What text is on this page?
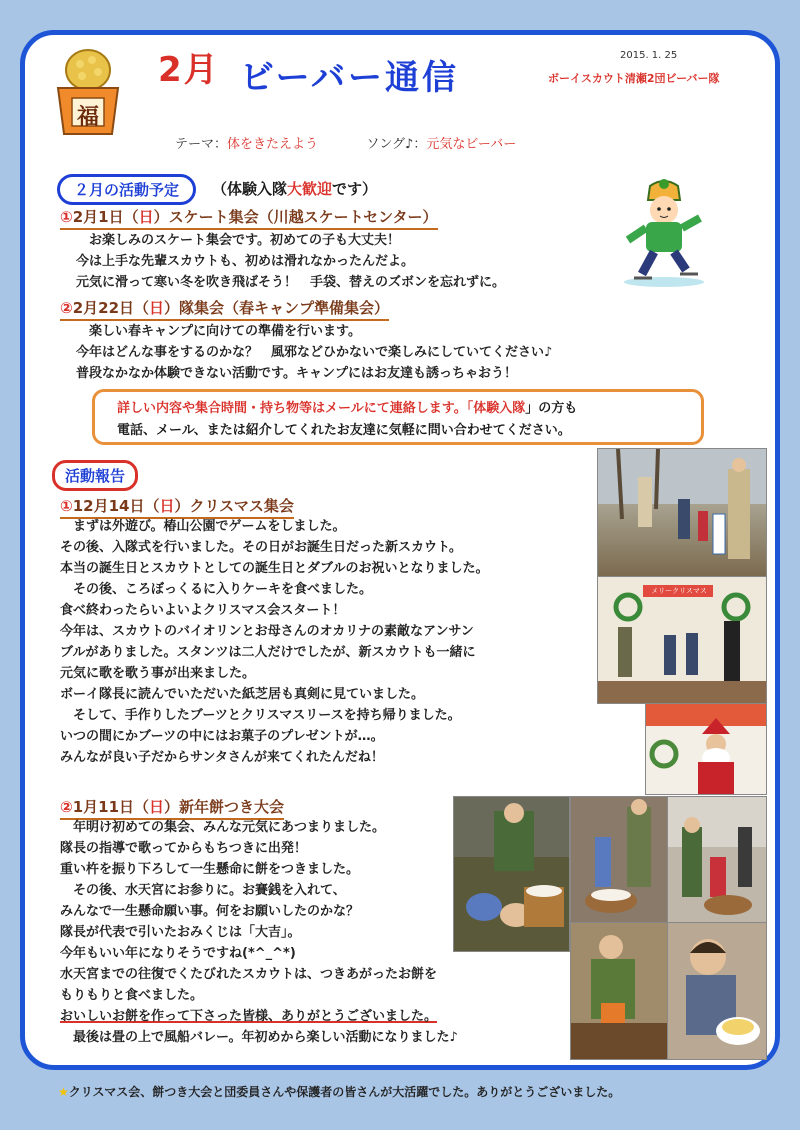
福
2月 ビーバー通信
2015. 1. 25
ボーイスカウト清瀬2団ビーバー隊
テーマ：体をきたえよう	ソング♪：元気なビーバー
２月の活動予定	（体験入隊大歓迎です）
①2月1日（日）スケート集会（川越スケートセンター）
　お楽しみのスケート集会です。初めての子も大丈夫！
今は上手な先輩スカウトも、初めは滑れなかったんだよ。
元気に滑って寒い冬を吹き飛ばそう！　手袋、替えのズボンを忘れずに。
②2月22日（日）隊集会（春キャンプ準備集会）
　楽しい春キャンプに向けての準備を行います。
今年はどんな事をするのかな？　風邪などひかないで楽しみにしていてください♪
普段なかなか体験できない活動です。キャンプにはお友達も誘っちゃおう！
詳しい内容や集合時間・持ち物等はメールにて連絡します。「体験入隊」の方も
電話、メール、または紹介してくれたお友達に気軽に問い合わせてください。
活動報告
①12月14日（日）クリスマス集会
　まずは外遊び。椿山公園でゲームをしました。
その後、入隊式を行いました。その日がお誕生日だった新スカウト。
本当の誕生日とスカウトとしての誕生日とダブルのお祝いとなりました。
　その後、ころぼっくるに入りケーキを食べました。
食べ終わったらいよいよクリスマス会スタート！
今年は、スカウトのバイオリンとお母さんのオカリナの素敵なアンサン
ブルがありました。スタンツは二人だけでしたが、新スカウトも一緒に
元気に歌を歌う事が出来ました。
ボーイ隊長に読んでいただいた紙芝居も真剣に見ていました。
　そして、手作りしたブーツとクリスマスリースを持ち帰りました。
いつの間にかブーツの中にはお菓子のプレゼントが…。
みんなが良い子だからサンタさんが来てくれたんだね！
②1月11日（日）新年餅つき大会
　年明け初めての集会、みんな元気にあつまりました。
隊長の指導で歌ってからもちつきに出発！
重い杵を振り下ろして一生懸命に餅をつきました。
　その後、水天宮にお参りに。お賽銭を入れて、
みんなで一生懸命願い事。何をお願いしたのかな？
隊長が代表で引いたおみくじは「大吉」。
今年もいい年になりそうですね(*^_^*)
水天宮までの往復でくたびれたスカウトは、つきあがったお餅を
もりもりと食べました。
おいしいお餅を作って下さった皆様、ありがとうございました。
　最後は畳の上で風船バレー。年初めから楽しい活動になりました♪
メリークリスマス
★クリスマス会、餅つき大会と団委員さんや保護者の皆さんが大活躍でした。ありがとうございました。
